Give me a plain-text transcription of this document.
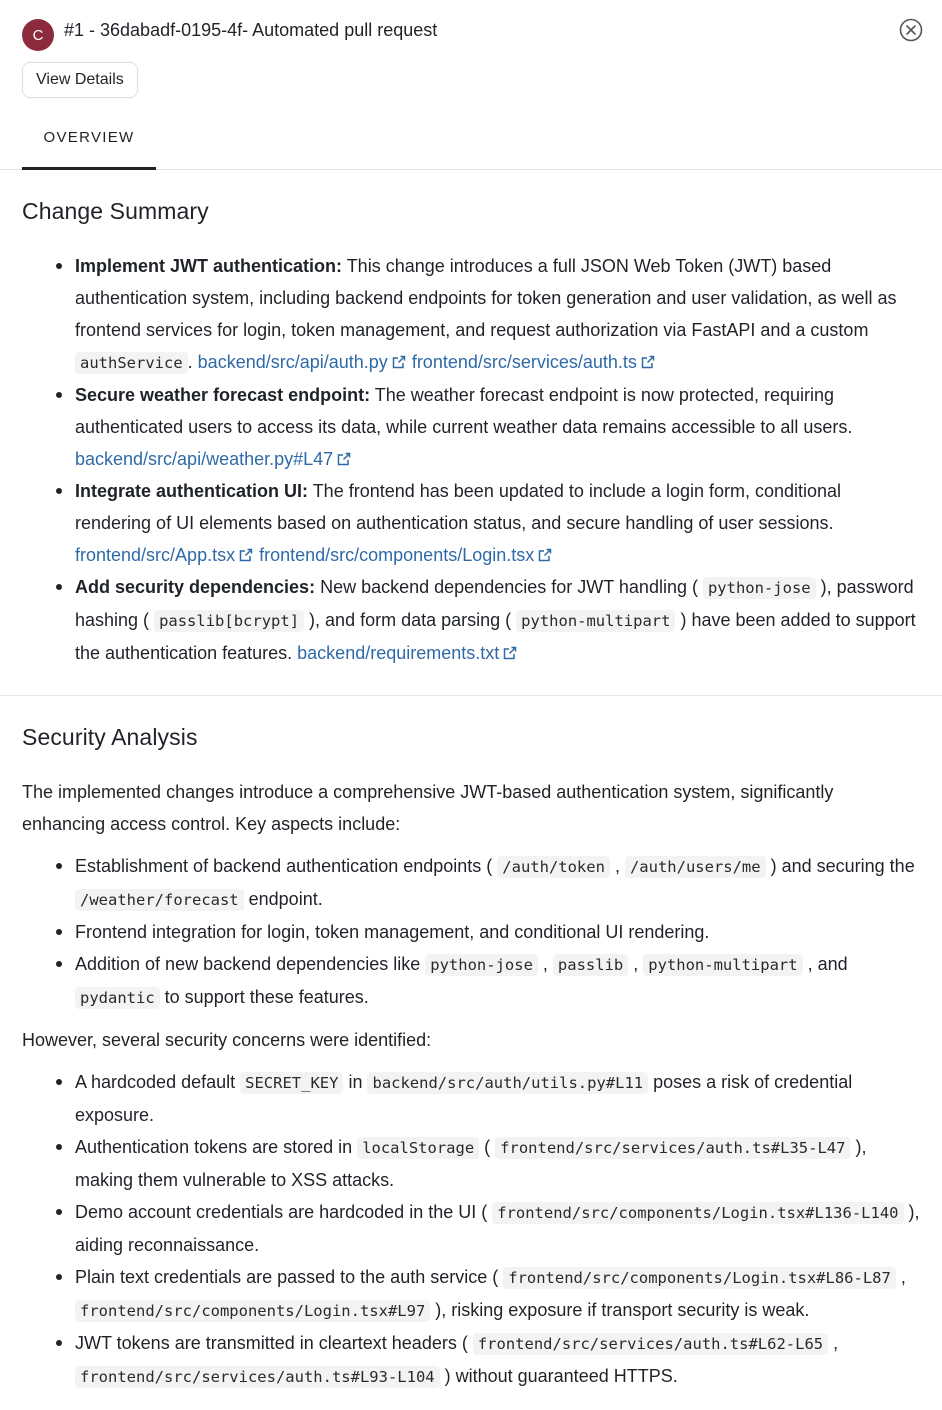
C	#1 - 36dabadf-0195-4f- Automated pull request
View Details
OVERVIEW
Change Summary
Implement JWT authentication: This change introduces a full JSON Web Token (JWT) based authentication system, including backend endpoints for token generation and user validation, as well as frontend services for login, token management, and request authorization via FastAPI and a custom authService . backend/src/api/auth.py frontend/src/services/auth.ts
Secure weather forecast endpoint: The weather forecast endpoint is now protected, requiring authenticated users to access its data, while current weather data remains accessible to all users. backend/src/api/weather.py#L47
Integrate authentication UI: The frontend has been updated to include a login form, conditional rendering of UI elements based on authentication status, and secure handling of user sessions. frontend/src/App.tsx frontend/src/components/Login.tsx
Add security dependencies: New backend dependencies for JWT handling ( python-jose ), password hashing ( passlib[bcrypt] ), and form data parsing ( python-multipart ) have been added to support the authentication features. backend/requirements.txt
Security Analysis

The implemented changes introduce a comprehensive JWT-based authentication system, significantly enhancing access control. Key aspects include:

Establishment of backend authentication endpoints ( /auth/token , /auth/users/me ) and securing the /weather/forecast endpoint.
Frontend integration for login, token management, and conditional UI rendering.
Addition of new backend dependencies like python-jose , passlib , python-multipart , and pydantic to support these features.

However, several security concerns were identified:

A hardcoded default SECRET_KEY in backend/src/auth/utils.py#L11 poses a risk of credential exposure.
Authentication tokens are stored in localStorage ( frontend/src/services/auth.ts#L35-L47 ), making them vulnerable to XSS attacks.
Demo account credentials are hardcoded in the UI ( frontend/src/components/Login.tsx#L136-L140 ), aiding reconnaissance.
Plain text credentials are passed to the auth service ( frontend/src/components/Login.tsx#L86-L87 , frontend/src/components/Login.tsx#L97 ), risking exposure if transport security is weak.
JWT tokens are transmitted in cleartext headers ( frontend/src/services/auth.ts#L62-L65 , frontend/src/services/auth.ts#L93-L104 ) without guaranteed HTTPS.
